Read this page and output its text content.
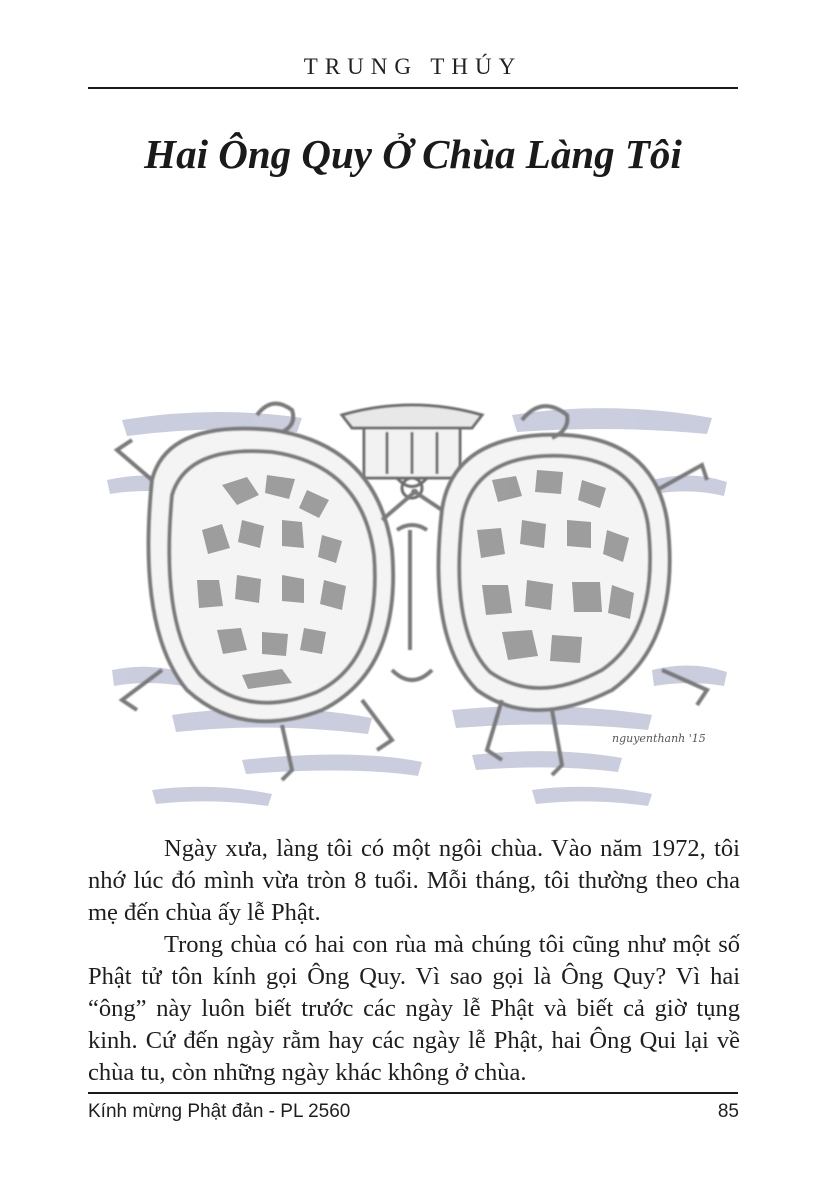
TRUNG THÚY
Hai Ông Quy Ở Chùa Làng Tôi
nguyenthanh '15

Ngày xưa, làng tôi có một ngôi chùa. Vào năm 1972, tôi nhớ lúc đó mình vừa tròn 8 tuổi. Mỗi tháng, tôi thường theo cha mẹ đến chùa ấy lễ Phật.

Trong chùa có hai con rùa mà chúng tôi cũng như một số Phật tử tôn kính gọi Ông Quy. Vì sao gọi là Ông Quy? Vì hai “ông” này luôn biết trước các ngày lễ Phật và biết cả giờ tụng kinh. Cứ đến ngày rằm hay các ngày lễ Phật, hai Ông Qui lại về chùa tu, còn những ngày khác không ở chùa.

Kính mừng Phật đản - PL 2560	85
